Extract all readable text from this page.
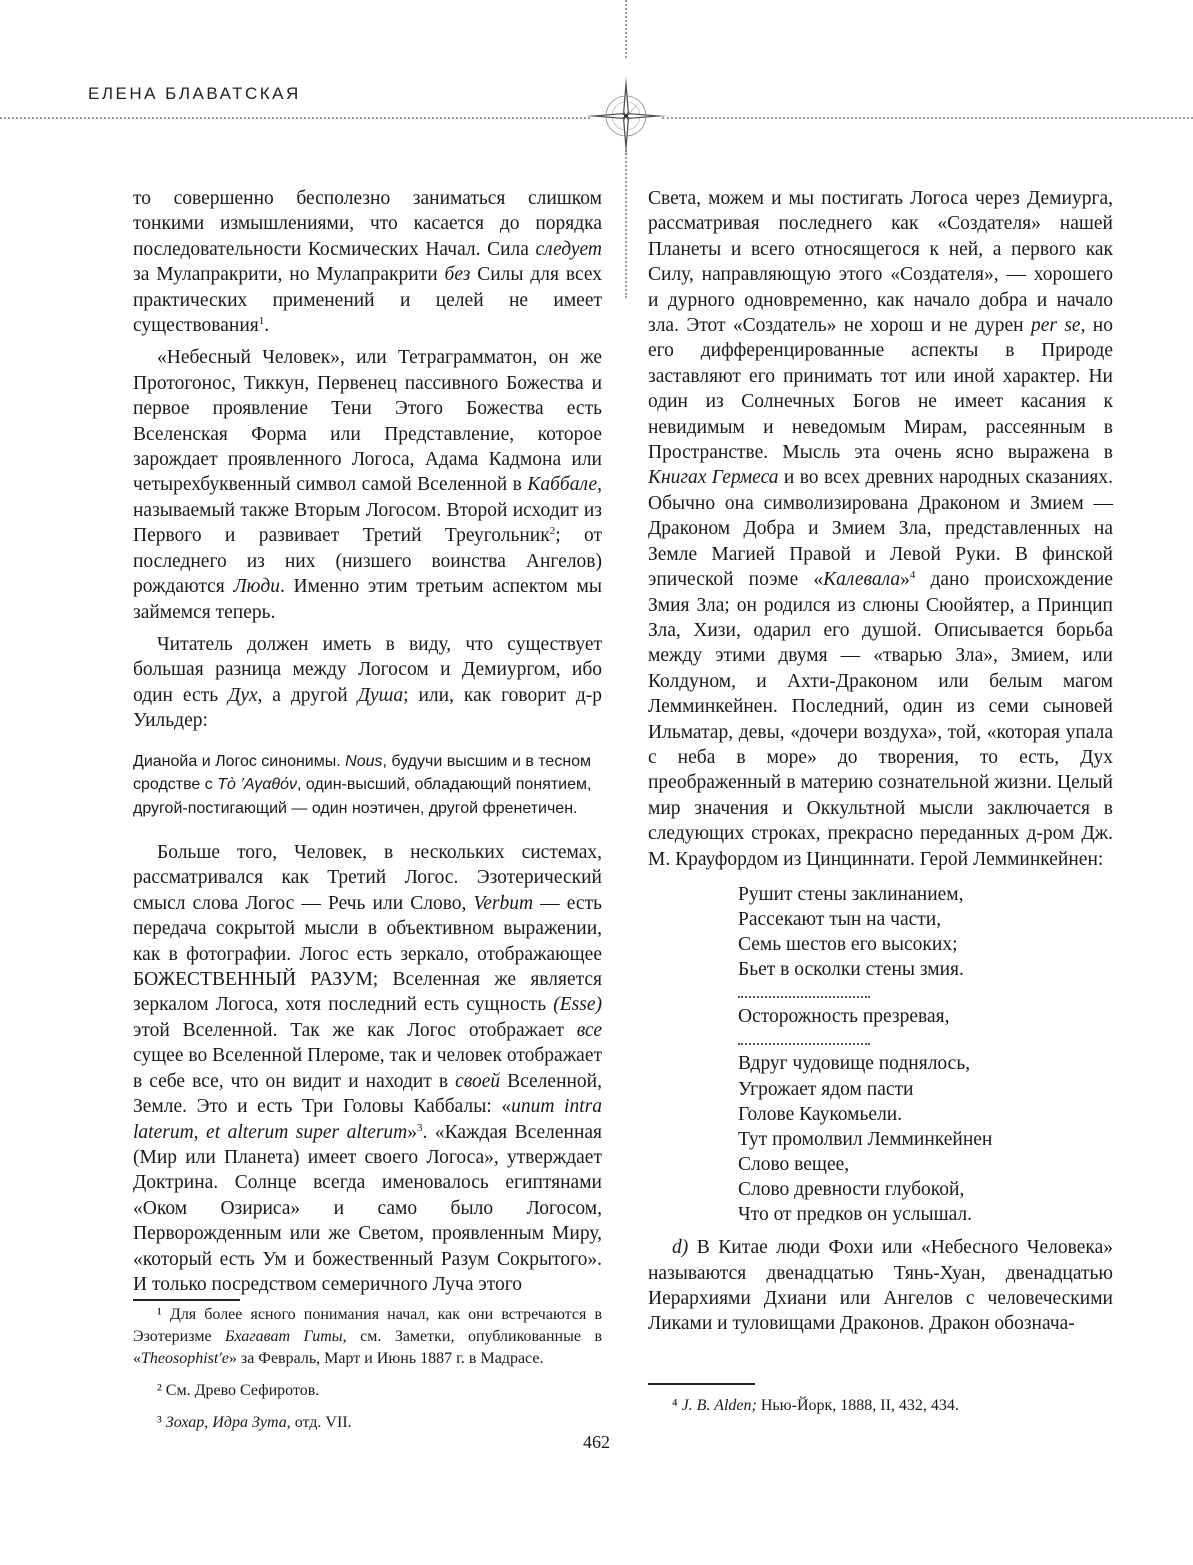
ЕЛЕНА БЛАВАТСКАЯ

то совершенно бесполезно заниматься слишком тонкими измышлениями, что касается до порядка последовательности Космических Начал. Сила следует за Мулапракрити, но Мулапракрити без Силы для всех практических применений и целей не имеет существования$^1$.

«Небесный Человек», или Тетраграмматон, он же Протогонос, Тиккун, Первенец пассивного Божества и первое проявление Тени Этого Божества есть Вселенская Форма или Представление, которое зарождает проявленного Логоса, Адама Кадмона или четырехбуквенный символ самой Вселенной в Каббале, называемый также Вторым Логосом. Второй исходит из Первого и развивает Третий Треугольник$^2$; от последнего из них (низшего воинства Ангелов) рождаются Люди. Именно этим третьим аспектом мы займемся теперь.

Читатель должен иметь в виду, что существует большая разница между Логосом и Демиургом, ибо один есть Дух, а другой Душа; или, как говорит д-р Уильдер:

Дианойа и Логос синонимы. Nous, будучи высшим и в тесном сродстве с Τὸ ’Αγαθόν, один-высший, обладающий понятием, другой-постигающий — один ноэтичен, другой френетичен.

Больше того, Человек, в нескольких системах, рассматривался как Третий Логос. Эзотерический смысл слова Логос — Речь или Слово, Verbum — есть передача сокрытой мысли в объективном выражении, как в фотографии. Логос есть зеркало, отображающее БОЖЕСТВЕННЫЙ РАЗУМ; Вселенная же является зеркалом Логоса, хотя последний есть сущность (Esse) этой Вселенной. Так же как Логос отображает все сущее во Вселенной Плероме, так и человек отображает в себе все, что он видит и находит в своей Вселенной, Земле. Это и есть Три Головы Каббалы: «unum intra laterum, et alterum super alterum»$^3$. «Каждая Вселенная (Мир или Планета) имеет своего Логоса», утверждает Доктрина. Солнце всегда именовалось египтянами «Оком Озириса» и само было Логосом, Перворожденным или же Светом, проявленным Миру, «который есть Ум и божественный Разум Сокрытого». И только посредством семеричного Луча этого

¹ Для более ясного понимания начал, как они встречаются в Эзотеризме Бхагават Гиты, см. Заметки, опубликованные в «Theosophist'е» за Февраль, Март и Июнь 1887 г. в Мадрасе.
² См. Древо Сефиротов.
³ Зохар, Идра Зута, отд. VII.

Света, можем и мы постигать Логоса через Демиурга, рассматривая последнего как «Создателя» нашей Планеты и всего относящегося к ней, а первого как Силу, направляющую этого «Создателя», — хорошего и дурного одновременно, как начало добра и начало зла. Этот «Создатель» не хорош и не дурен per se, но его дифференцированные аспекты в Природе заставляют его принимать тот или иной характер. Ни один из Солнечных Богов не имеет касания к невидимым и неведомым Мирам, рассеянным в Пространстве. Мысль эта очень ясно выражена в Книгах Гермеса и во всех древних народных сказаниях. Обычно она символизирована Драконом и Змием — Драконом Добра и Змием Зла, представленных на Земле Магией Правой и Левой Руки. В финской эпической поэме «Калевала»$^4$ дано происхождение Змия Зла; он родился из слюны Сюойятер, а Принцип Зла, Хизи, одарил его душой. Описывается борьба между этими двумя — «тварью Зла», Змием, или Колдуном, и Ахти-Драконом или белым магом Лемминкейнен. Последний, один из семи сыновей Ильматар, девы, «дочери воздуха», той, «которая упала с неба в море» до творения, то есть, Дух преображенный в материю сознательной жизни. Целый мир значения и Оккультной мысли заключается в следующих строках, прекрасно переданных д-ром Дж. М. Крауфордом из Цинциннати. Герой Лемминкейнен:

Рушит стены заклинанием,
Рассекают тын на части,
Семь шестов его высоких;
Бьет в осколки стены змия.
Осторожность презревая,
Вдруг чудовище поднялось,
Угрожает ядом пасти
Голове Каукомьели.
Тут промолвил Лемминкейнен
Слово вещее,
Слово древности глубокой,
Что от предков он услышал.

d) В Китае люди Фохи или «Небесного Человека» называются двенадцатью Тянь-Хуан, двенадцатью Иерархиями Дхиани или Ангелов с человеческими Ликами и туловищами Драконов. Дракон обознача-

⁴ J. B. Alden; Нью-Йорк, 1888, II, 432, 434.
462
